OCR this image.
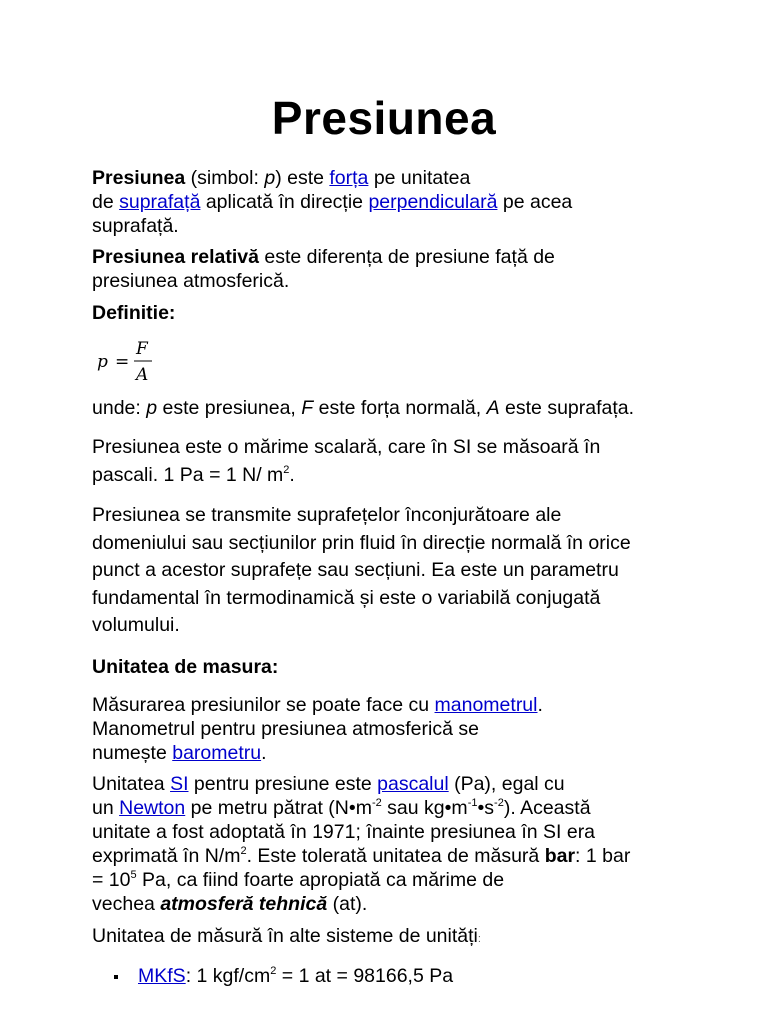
Presiunea

Presiunea (simbol: p) este forța pe unitatea
de suprafață aplicată în direcție perpendiculară pe acea
suprafață.

Presiunea relativă este diferența de presiune față de
presiunea atmosferică.

Definitie:

p =
F
A

unde: p este presiunea, F este forța normală, A este suprafața.

Presiunea este o mărime scalară, care în SI se măsoară în
pascali. 1 Pa = 1 N/ $m^2$.

Presiunea se transmite suprafețelor înconjurătoare ale
domeniului sau secțiunilor prin fluid în direcție normală în orice
punct a acestor suprafețe sau secțiuni. Ea este un parametru
fundamental în termodinamică și este o variabilă conjugată
volumului.

Unitatea de masura:

Măsurarea presiunilor se poate face cu manometrul.
Manometrul pentru presiunea atmosferică se
numește barometru.

Unitatea SI pentru presiune este pascalul (Pa), egal cu
un Newton pe metru pătrat ($N•m^{-2}$ sau $kg•m^{-1}•s^{-2}$). Această
unitate a fost adoptată în 1971; înainte presiunea în SI era
exprimată în $N/m^2$. Este tolerată unitatea de măsură bar: 1 bar
= $10^5$ Pa, ca fiind foarte apropiată ca mărime de
vechea atmosferă tehnică (at).

Unitatea de măsură în alte sisteme de unități:

MKfS: 1 kgf/$cm^2 = 1$ at = 98166,5 Pa
